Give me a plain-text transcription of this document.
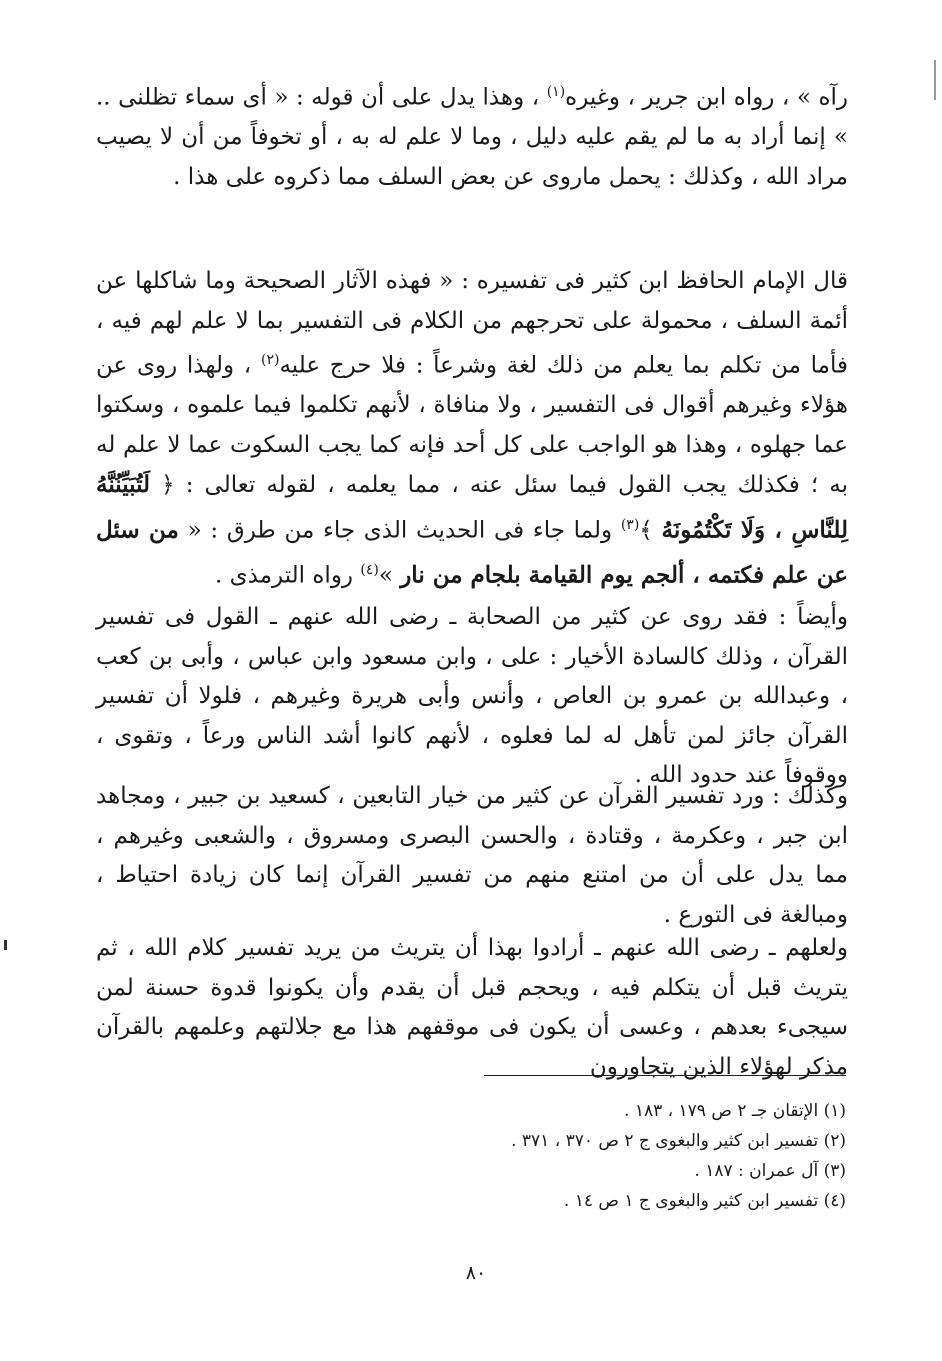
رآه » ، رواه ابن جرير ، وغيره$^{(١)}$ ، وهذا يدل على أن قوله : « أى سماء تظلنى .. » إنما أراد به ما لم يقم عليه دليل ، وما لا علم له به ، أو تخوفاً من أن لا يصيب مراد الله ، وكذلك : يحمل ماروى عن بعض السلف مما ذكروه على هذا .

قال الإمام الحافظ ابن كثير فى تفسيره : « فهذه الآثار الصحيحة وما شاكلها عن أئمة السلف ، محمولة على تحرجهم من الكلام فى التفسير بما لا علم لهم فيه ، فأما من تكلم بما يعلم من ذلك لغة وشرعاً : فلا حرج عليه$^{(٢)}$ ، ولهذا روى عن هؤلاء وغيرهم أقوال فى التفسير ، ولا منافاة ، لأنهم تكلموا فيما علموه ، وسكتوا عما جهلوه ، وهذا هو الواجب على كل أحد فإنه كما يجب السكوت عما لا علم له به ؛ فكذلك يجب القول فيما سئل عنه ، مما يعلمه ، لقوله تعالى : ﴿ لَتُبَيِّنُنَّهُ لِلنَّاسِ ، وَلَا تَكْتُمُونَهُ ﴾$^{(٣)}$ ولما جاء فى الحديث الذى جاء من طرق : « من سئل عن علم فكتمه ، ألجم يوم القيامة بلجام من نار »$^{(٤)}$ رواه الترمذى .

وأيضاً : فقد روى عن كثير من الصحابة ـ رضى الله عنهم ـ القول فى تفسير القرآن ، وذلك كالسادة الأخيار : على ، وابن مسعود وابن عباس ، وأبى بن كعب ، وعبدالله بن عمرو بن العاص ، وأنس وأبى هريرة وغيرهم ، فلولا أن تفسير القرآن جائز لمن تأهل له لما فعلوه ، لأنهم كانوا أشد الناس ورعاً ، وتقوى ، ووقوفاً عند حدود الله .

وكذلك : ورد تفسير القرآن عن كثير من خيار التابعين ، كسعيد بن جبير ، ومجاهد ابن جبر ، وعكرمة ، وقتادة ، والحسن البصرى ومسروق ، والشعبى وغيرهم ، مما يدل على أن من امتنع منهم من تفسير القرآن إنما كان زيادة احتياط ، ومبالغة فى التورع .

ولعلهم ـ رضى الله عنهم ـ أرادوا بهذا أن يتريث من يريد تفسير كلام الله ، ثم يتريث قبل أن يتكلم فيه ، ويحجم قبل أن يقدم وأن يكونوا قدوة حسنة لمن سيجىء بعدهم ، وعسى أن يكون فى موقفهم هذا مع جلالتهم وعلمهم بالقرآن مذكر لهؤلاء الذين يتجاورون

(١) الإتقان جـ ٢ ص ١٧٩ ، ١٨٣ .
(٢) تفسير ابن كثير والبغوى ج ٢ ص ٣٧٠ ، ٣٧١ .
(٣) آل عمران : ١٨٧ .
(٤) تفسير ابن كثير والبغوى ج ١ ص ١٤ .
٨٠
